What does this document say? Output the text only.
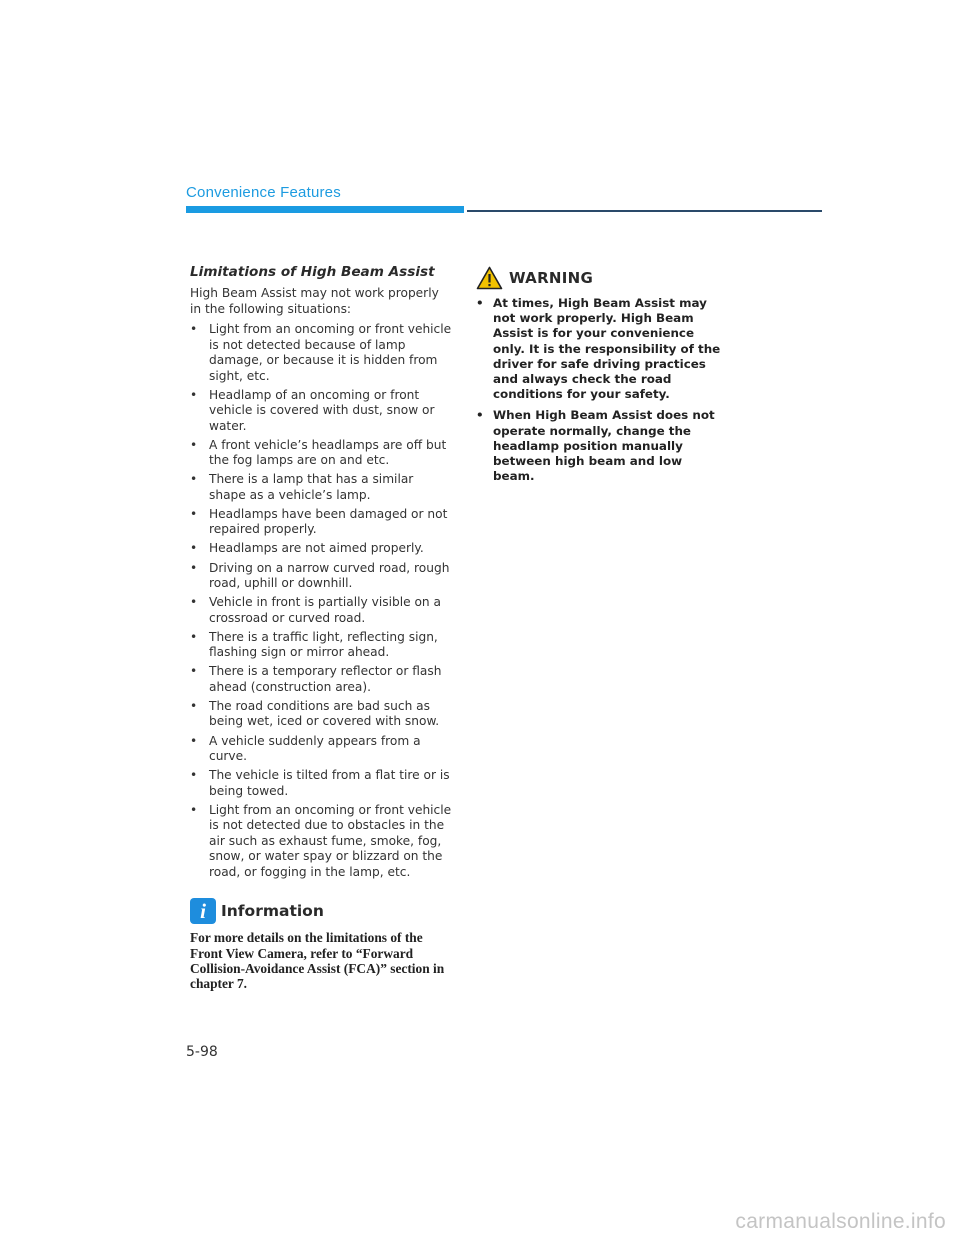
Convenience Features
Limitations of High Beam Assist

High Beam Assist may not work properly in the following situations:

• Light from an oncoming or front vehicle is not detected because of lamp damage, or because it is hidden from sight, etc.
• Headlamp of an oncoming or front vehicle is covered with dust, snow or water.
• A front vehicle’s headlamps are off but the fog lamps are on and etc.
• There is a lamp that has a similar shape as a vehicle’s lamp.
• Headlamps have been damaged or not repaired properly.
• Headlamps are not aimed properly.
• Driving on a narrow curved road, rough road, uphill or downhill.
• Vehicle in front is partially visible on a crossroad or curved road.
• There is a traffic light, reflecting sign, flashing sign or mirror ahead.
• There is a temporary reflector or flash ahead (construction area).
• The road conditions are bad such as being wet, iced or covered with snow.
• A vehicle suddenly appears from a curve.
• The vehicle is tilted from a flat tire or is being towed.
• Light from an oncoming or front vehicle is not detected due to obstacles in the air such as exhaust fume, smoke, fog, snow, or water spay or blizzard on the road, or fogging in the lamp, etc.
i Information

For more details on the limitations of the Front View Camera, refer to “Forward Collision-Avoidance Assist (FCA)” section in chapter 7.

WARNING
• At times, High Beam Assist may not work properly. High Beam Assist is for your convenience only. It is the responsibility of the driver for safe driving practices and always check the road conditions for your safety.
• When High Beam Assist does not operate normally, change the headlamp position manually between high beam and low beam.
5-98
carmanualsonline.info
